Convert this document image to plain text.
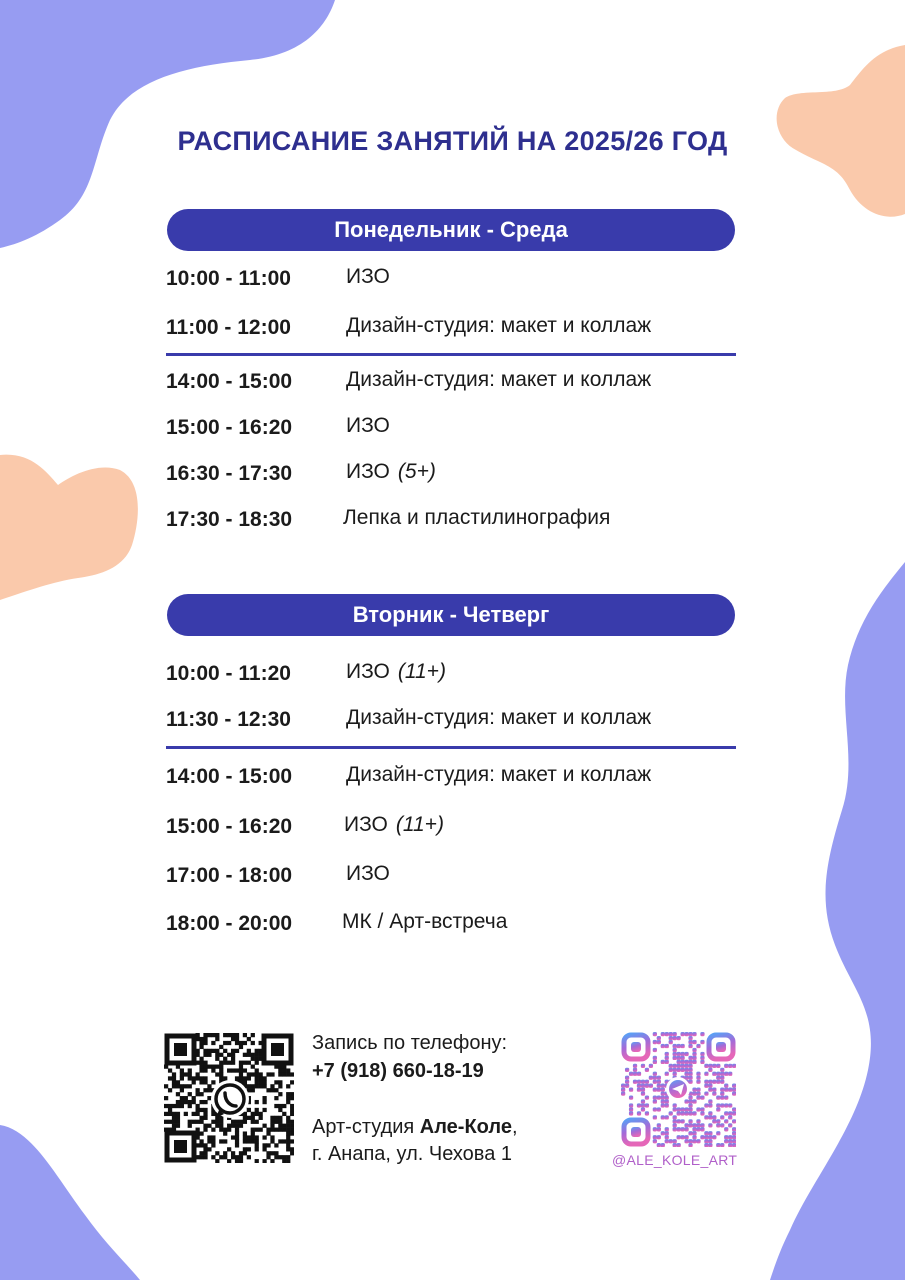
РАСПИСАНИЕ ЗАНЯТИЙ НА 2025/26 ГОД
Понедельник - Среда
10:00 - 11:00	ИЗО
11:00 - 12:00	Дизайн-студия: макет и коллаж
14:00 - 15:00	Дизайн-студия: макет и коллаж
15:00 - 16:20	ИЗО
16:30 - 17:30	ИЗО (5+)
17:30 - 18:30 Лепка и пластилинография
Вторник - Четверг
10:00 - 11:20	ИЗО (11+)
11:30 - 12:30	Дизайн-студия: макет и коллаж
14:00 - 15:00	Дизайн-студия: макет и коллаж
15:00 - 16:20 ИЗО (11+)
17:00 - 18:00	ИЗО
18:00 - 20:00 МК / Арт-встреча
Запись по телефону:
+7 (918) 660-18-19
Арт-студия Але-Коле,
г. Анапа, ул. Чехова 1	@ALE_KOLE_ART
